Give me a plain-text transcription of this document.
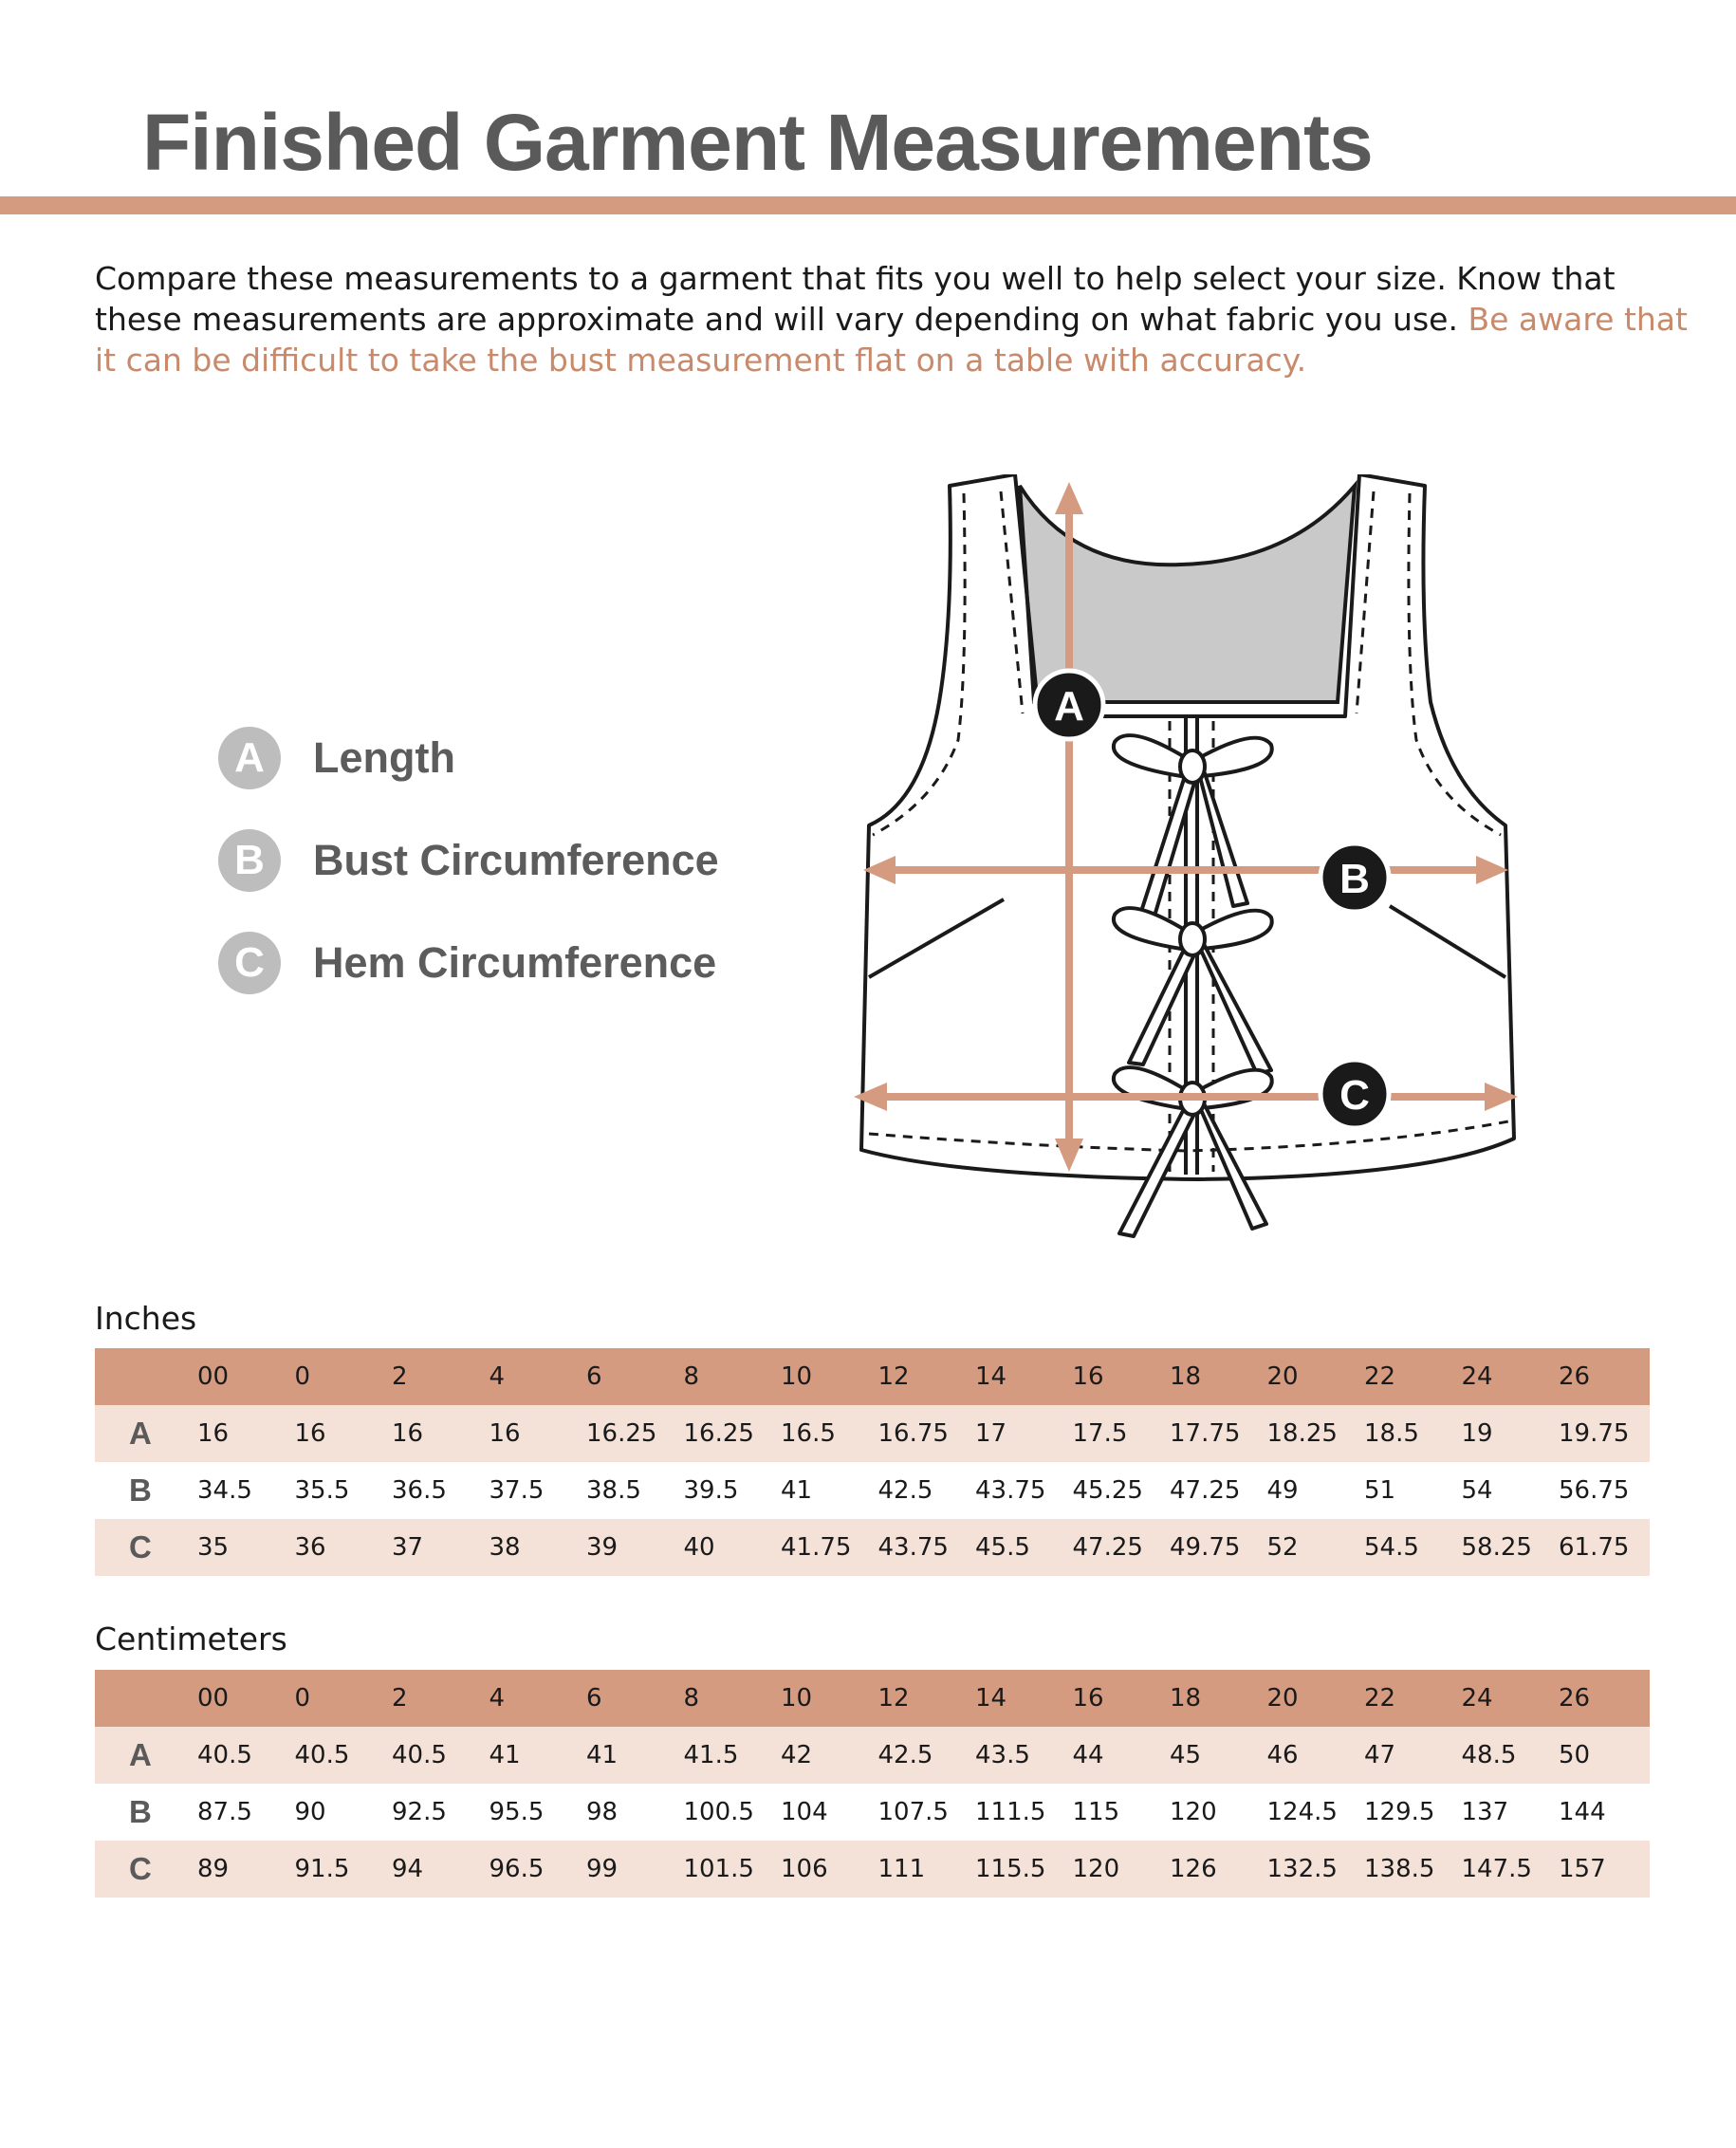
Finished Garment Measurements

Compare these measurements to a garment that fits you well to help select your size. Know that these measurements are approximate and will vary depending on what fabric you use. Be aware that it can be difficult to take the bust measurement flat on a table with accuracy.

A	Length
B	Bust Circumference
C	Hem Circumference
A
B
C
Inches
	00	0	2	4	6	8	10	12	14	16	18	20	22	24	26
A	16	16	16	16	16.25	16.25	16.5	16.75	17	17.5	17.75	18.25	18.5	19	19.75
B	34.5	35.5	36.5	37.5	38.5	39.5	41	42.5	43.75	45.25	47.25	49	51	54	56.75
C	35	36	37	38	39	40	41.75	43.75	45.5	47.25	49.75	52	54.5	58.25	61.75
Centimeters
	00	0	2	4	6	8	10	12	14	16	18	20	22	24	26
A	40.5	40.5	40.5	41	41	41.5	42	42.5	43.5	44	45	46	47	48.5	50
B	87.5	90	92.5	95.5	98	100.5	104	107.5	111.5	115	120	124.5	129.5	137	144
C	89	91.5	94	96.5	99	101.5	106	111	115.5	120	126	132.5	138.5	147.5	157
